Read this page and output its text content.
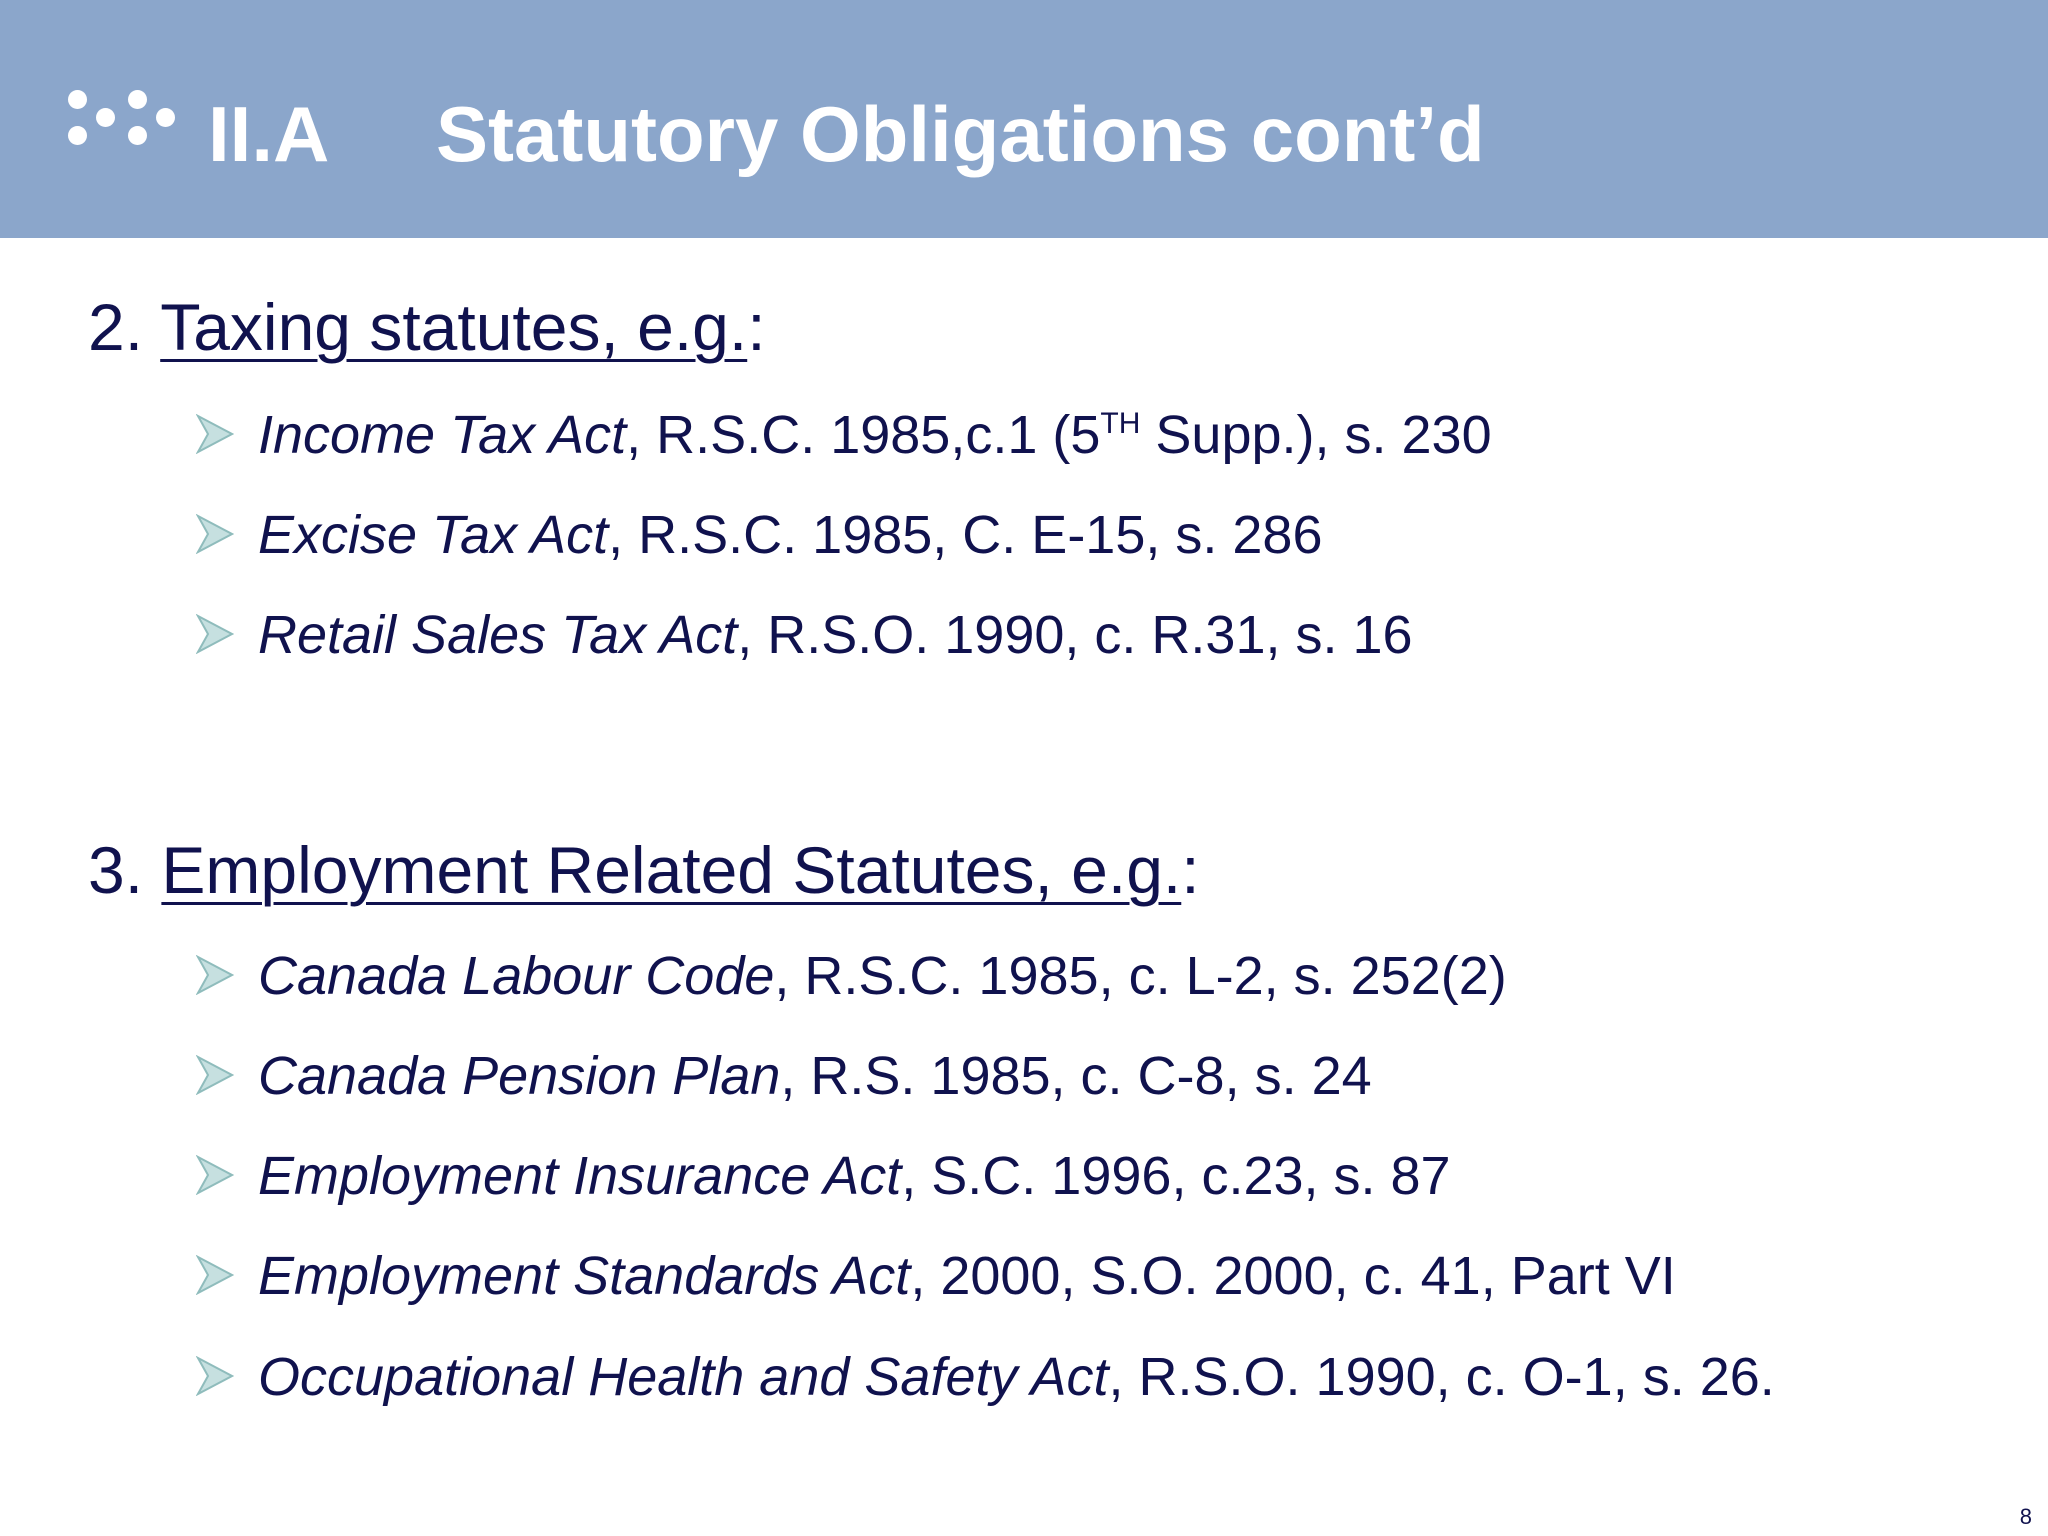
II.A Statutory Obligations cont’d
2. Taxing statutes, e.g.:
Income Tax Act, R.S.C. 1985,c.1 (5TH Supp.), s. 230
Excise Tax Act, R.S.C. 1985, C. E-15, s. 286
Retail Sales Tax Act, R.S.O. 1990, c. R.31, s. 16
3. Employment Related Statutes, e.g.:
Canada Labour Code, R.S.C. 1985, c. L-2, s. 252(2)
Canada Pension Plan, R.S. 1985, c. C-8, s. 24
Employment Insurance Act, S.C. 1996, c.23, s. 87
Employment Standards Act, 2000, S.O. 2000, c. 41, Part VI
Occupational Health and Safety Act, R.S.O. 1990, c. O-1, s. 26.
8
